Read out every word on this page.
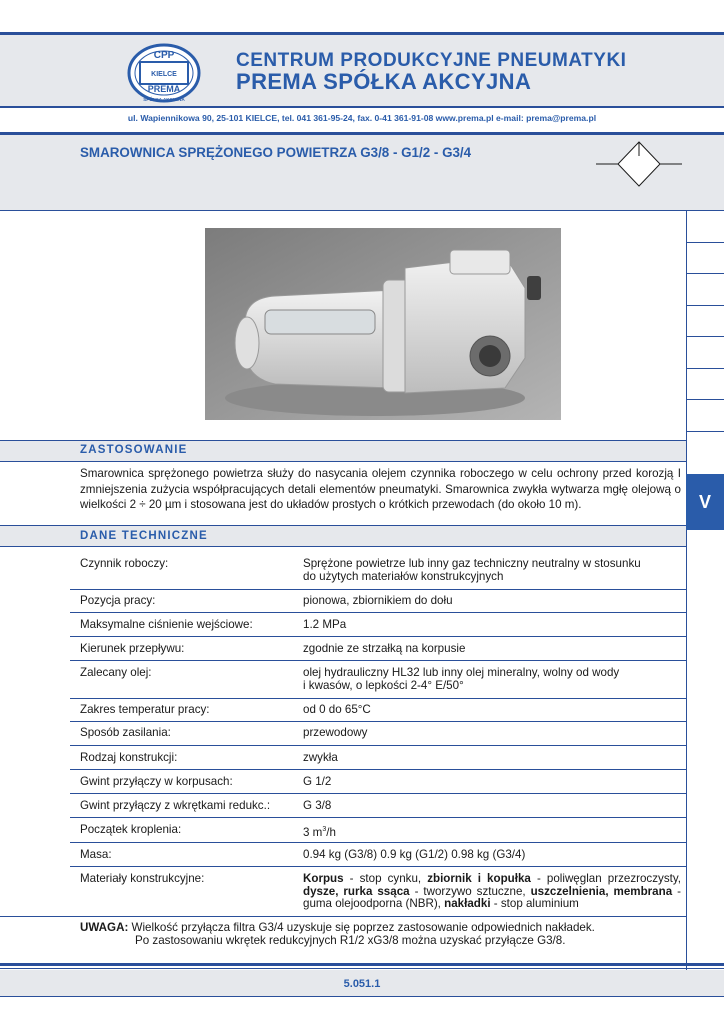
CPP
KIELCE
PREMA
SPÓŁKA AKCYJNA
CENTRUM PRODUKCYJNE PNEUMATYKI
PREMA SPÓŁKA AKCYJNA
ul. Wapiennikowa 90, 25-101 KIELCE, tel. 041 361-95-24, fax. 0-41 361-91-08 www.prema.pl e-mail: prema@prema.pl
SMAROWNICA SPRĘŻONEGO POWIETRZA G3/8 - G1/2 - G3/4
V
ZASTOSOWANIE
Smarownica sprężonego powietrza służy do nasycania olejem czynnika roboczego w celu ochrony przed korozją I zmniejszenia zużycia współpracujących detali elementów pneumatyki. Smarownica zwykła wytwarza mgłę olejową o wielkości 2 ÷ 20 µm i stosowana jest do układów prostych o krótkich przewodach (do około 10 m).
DANE TECHNICZNE
Czynnik roboczy:	Sprężone powietrze lub inny gaz techniczny neutralny w stosunku
do użytych materiałów konstrukcyjnych
Pozycja pracy:	pionowa, zbiornikiem do dołu
Maksymalne ciśnienie wejściowe:	1.2 MPa
Kierunek przepływu:	zgodnie ze strzałką na korpusie
Zalecany olej:	olej hydrauliczny HL32 lub inny olej mineralny, wolny od wody
i kwasów, o lepkości 2-4° E/50°
Zakres temperatur pracy:	od 0 do 65°C
Sposób zasilania:	przewodowy
Rodzaj konstrukcji:	zwykła
Gwint przyłączy w korpusach:	G 1/2
Gwint przyłączy z wkrętkami redukc.:	G 3/8
Początek kroplenia:	3 $m^3/h$
Masa:	0.94 kg (G3/8) 0.9 kg (G1/2) 0.98 kg (G3/4)
Materiały konstrukcyjne:	Korpus - stop cynku, zbiornik i kopułka - poliwęglan przezroczysty, dysze, rurka ssąca - tworzywo sztuczne, uszczelnienia, membrana - guma olejoodporna (NBR), nakładki - stop aluminium
UWAGA: Wielkość przyłącza filtra G3/4 uzyskuje się poprzez zastosowanie odpowiednich nakładek.
Po zastosowaniu wkrętek redukcyjnych R1/2 xG3/8 można uzyskać przyłącze G3/8.
5.051.1
